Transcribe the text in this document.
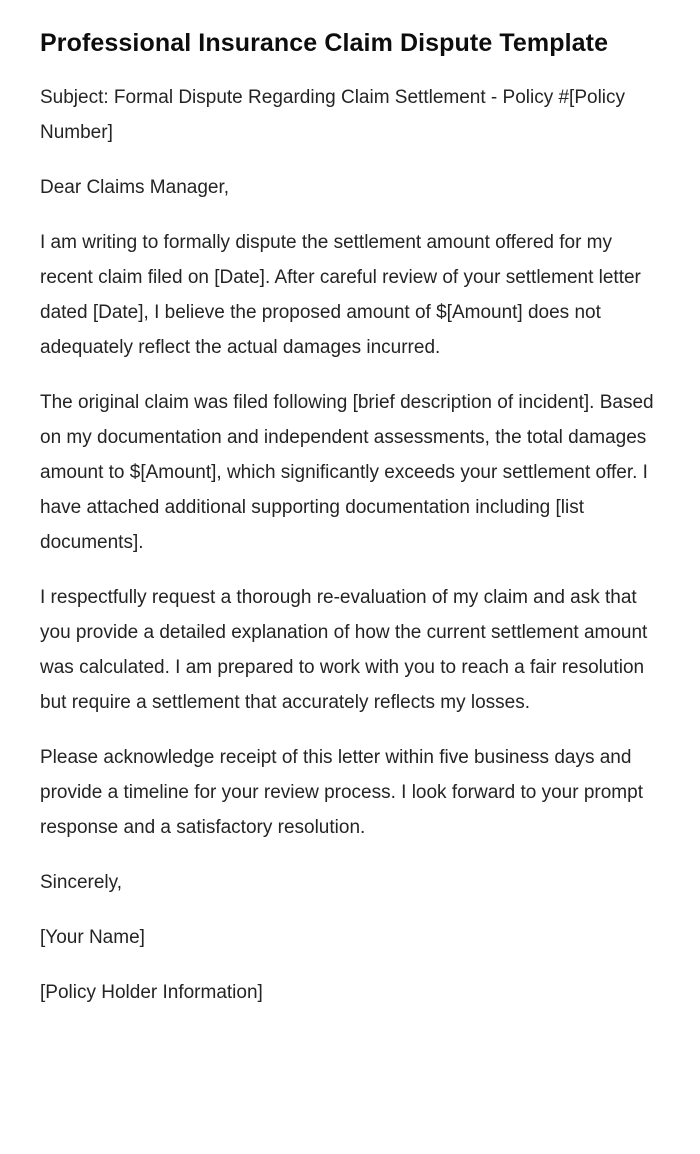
Professional Insurance Claim Dispute Template

Subject: Formal Dispute Regarding Claim Settlement - Policy #[Policy Number]

Dear Claims Manager,

I am writing to formally dispute the settlement amount offered for my recent claim filed on [Date]. After careful review of your settlement letter dated [Date], I believe the proposed amount of $[Amount] does not adequately reflect the actual damages incurred.

The original claim was filed following [brief description of incident]. Based on my documentation and independent assessments, the total damages amount to $[Amount], which significantly exceeds your settlement offer. I have attached additional supporting documentation including [list documents].

I respectfully request a thorough re-evaluation of my claim and ask that you provide a detailed explanation of how the current settlement amount was calculated. I am prepared to work with you to reach a fair resolution but require a settlement that accurately reflects my losses.

Please acknowledge receipt of this letter within five business days and provide a timeline for your review process. I look forward to your prompt response and a satisfactory resolution.

Sincerely,

[Your Name]

[Policy Holder Information]
